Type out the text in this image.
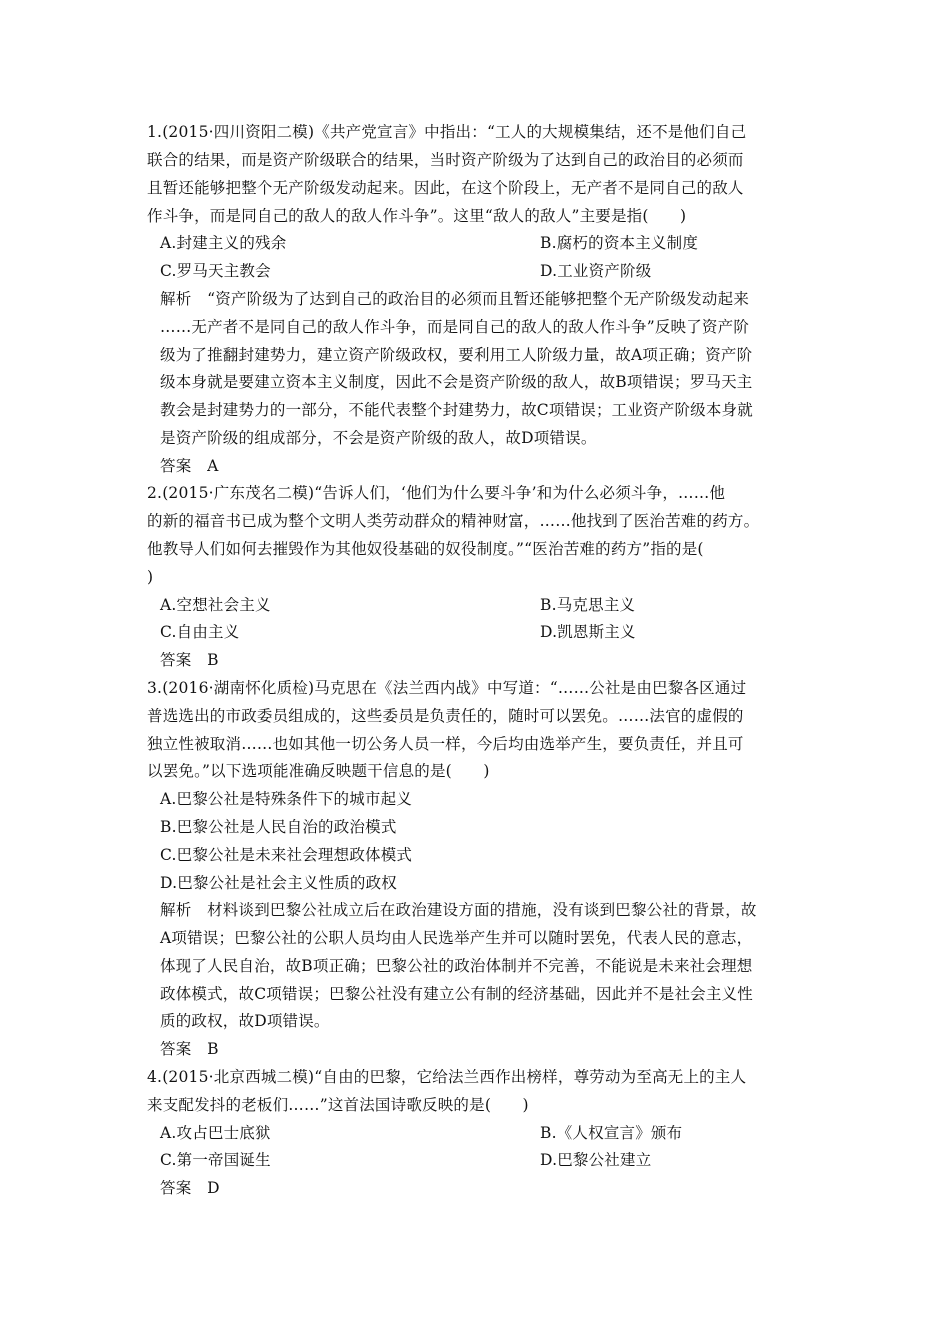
1.(2015·四川资阳二模)《共产党宣言》中指出：“工人的大规模集结，还不是他们自己
联合的结果，而是资产阶级联合的结果，当时资产阶级为了达到自己的政治目的必须而
且暂还能够把整个无产阶级发动起来。因此，在这个阶段上，无产者不是同自己的敌人
作斗争，而是同自己的敌人的敌人作斗争”。这里“敌人的敌人”主要是指(　　)
A.封建主义的残余	B.腐朽的资本主义制度
C.罗马天主教会	D.工业资产阶级
解析　“资产阶级为了达到自己的政治目的必须而且暂还能够把整个无产阶级发动起来
……无产者不是同自己的敌人作斗争，而是同自己的敌人的敌人作斗争”反映了资产阶
级为了推翻封建势力，建立资产阶级政权，要利用工人阶级力量，故A项正确；资产阶
级本身就是要建立资本主义制度，因此不会是资产阶级的敌人，故B项错误；罗马天主
教会是封建势力的一部分，不能代表整个封建势力，故C项错误；工业资产阶级本身就
是资产阶级的组成部分，不会是资产阶级的敌人，故D项错误。
答案　A
2.(2015·广东茂名二模)“告诉人们，‘他们为什么要斗争’和为什么必须斗争，……他
的新的福音书已成为整个文明人类劳动群众的精神财富，……他找到了医治苦难的药方。
他教导人们如何去摧毁作为其他奴役基础的奴役制度。”“医治苦难的药方”指的是(
)
A.空想社会主义	B.马克思主义
C.自由主义	D.凯恩斯主义
答案　B
3.(2016·湖南怀化质检)马克思在《法兰西内战》中写道：“……公社是由巴黎各区通过
普选选出的市政委员组成的，这些委员是负责任的，随时可以罢免。……法官的虚假的
独立性被取消……也如其他一切公务人员一样，今后均由选举产生，要负责任，并且可
以罢免。”以下选项能准确反映题干信息的是(　　)
A.巴黎公社是特殊条件下的城市起义
B.巴黎公社是人民自治的政治模式
C.巴黎公社是未来社会理想政体模式
D.巴黎公社是社会主义性质的政权
解析　材料谈到巴黎公社成立后在政治建设方面的措施，没有谈到巴黎公社的背景，故
A项错误；巴黎公社的公职人员均由人民选举产生并可以随时罢免，代表人民的意志，
体现了人民自治，故B项正确；巴黎公社的政治体制并不完善，不能说是未来社会理想
政体模式，故C项错误；巴黎公社没有建立公有制的经济基础，因此并不是社会主义性
质的政权，故D项错误。
答案　B
4.(2015·北京西城二模)“自由的巴黎，它给法兰西作出榜样，尊劳动为至高无上的主人
来支配发抖的老板们……”这首法国诗歌反映的是(　　)
A.攻占巴士底狱	B.《人权宣言》颁布
C.第一帝国诞生	D.巴黎公社建立
答案　D
